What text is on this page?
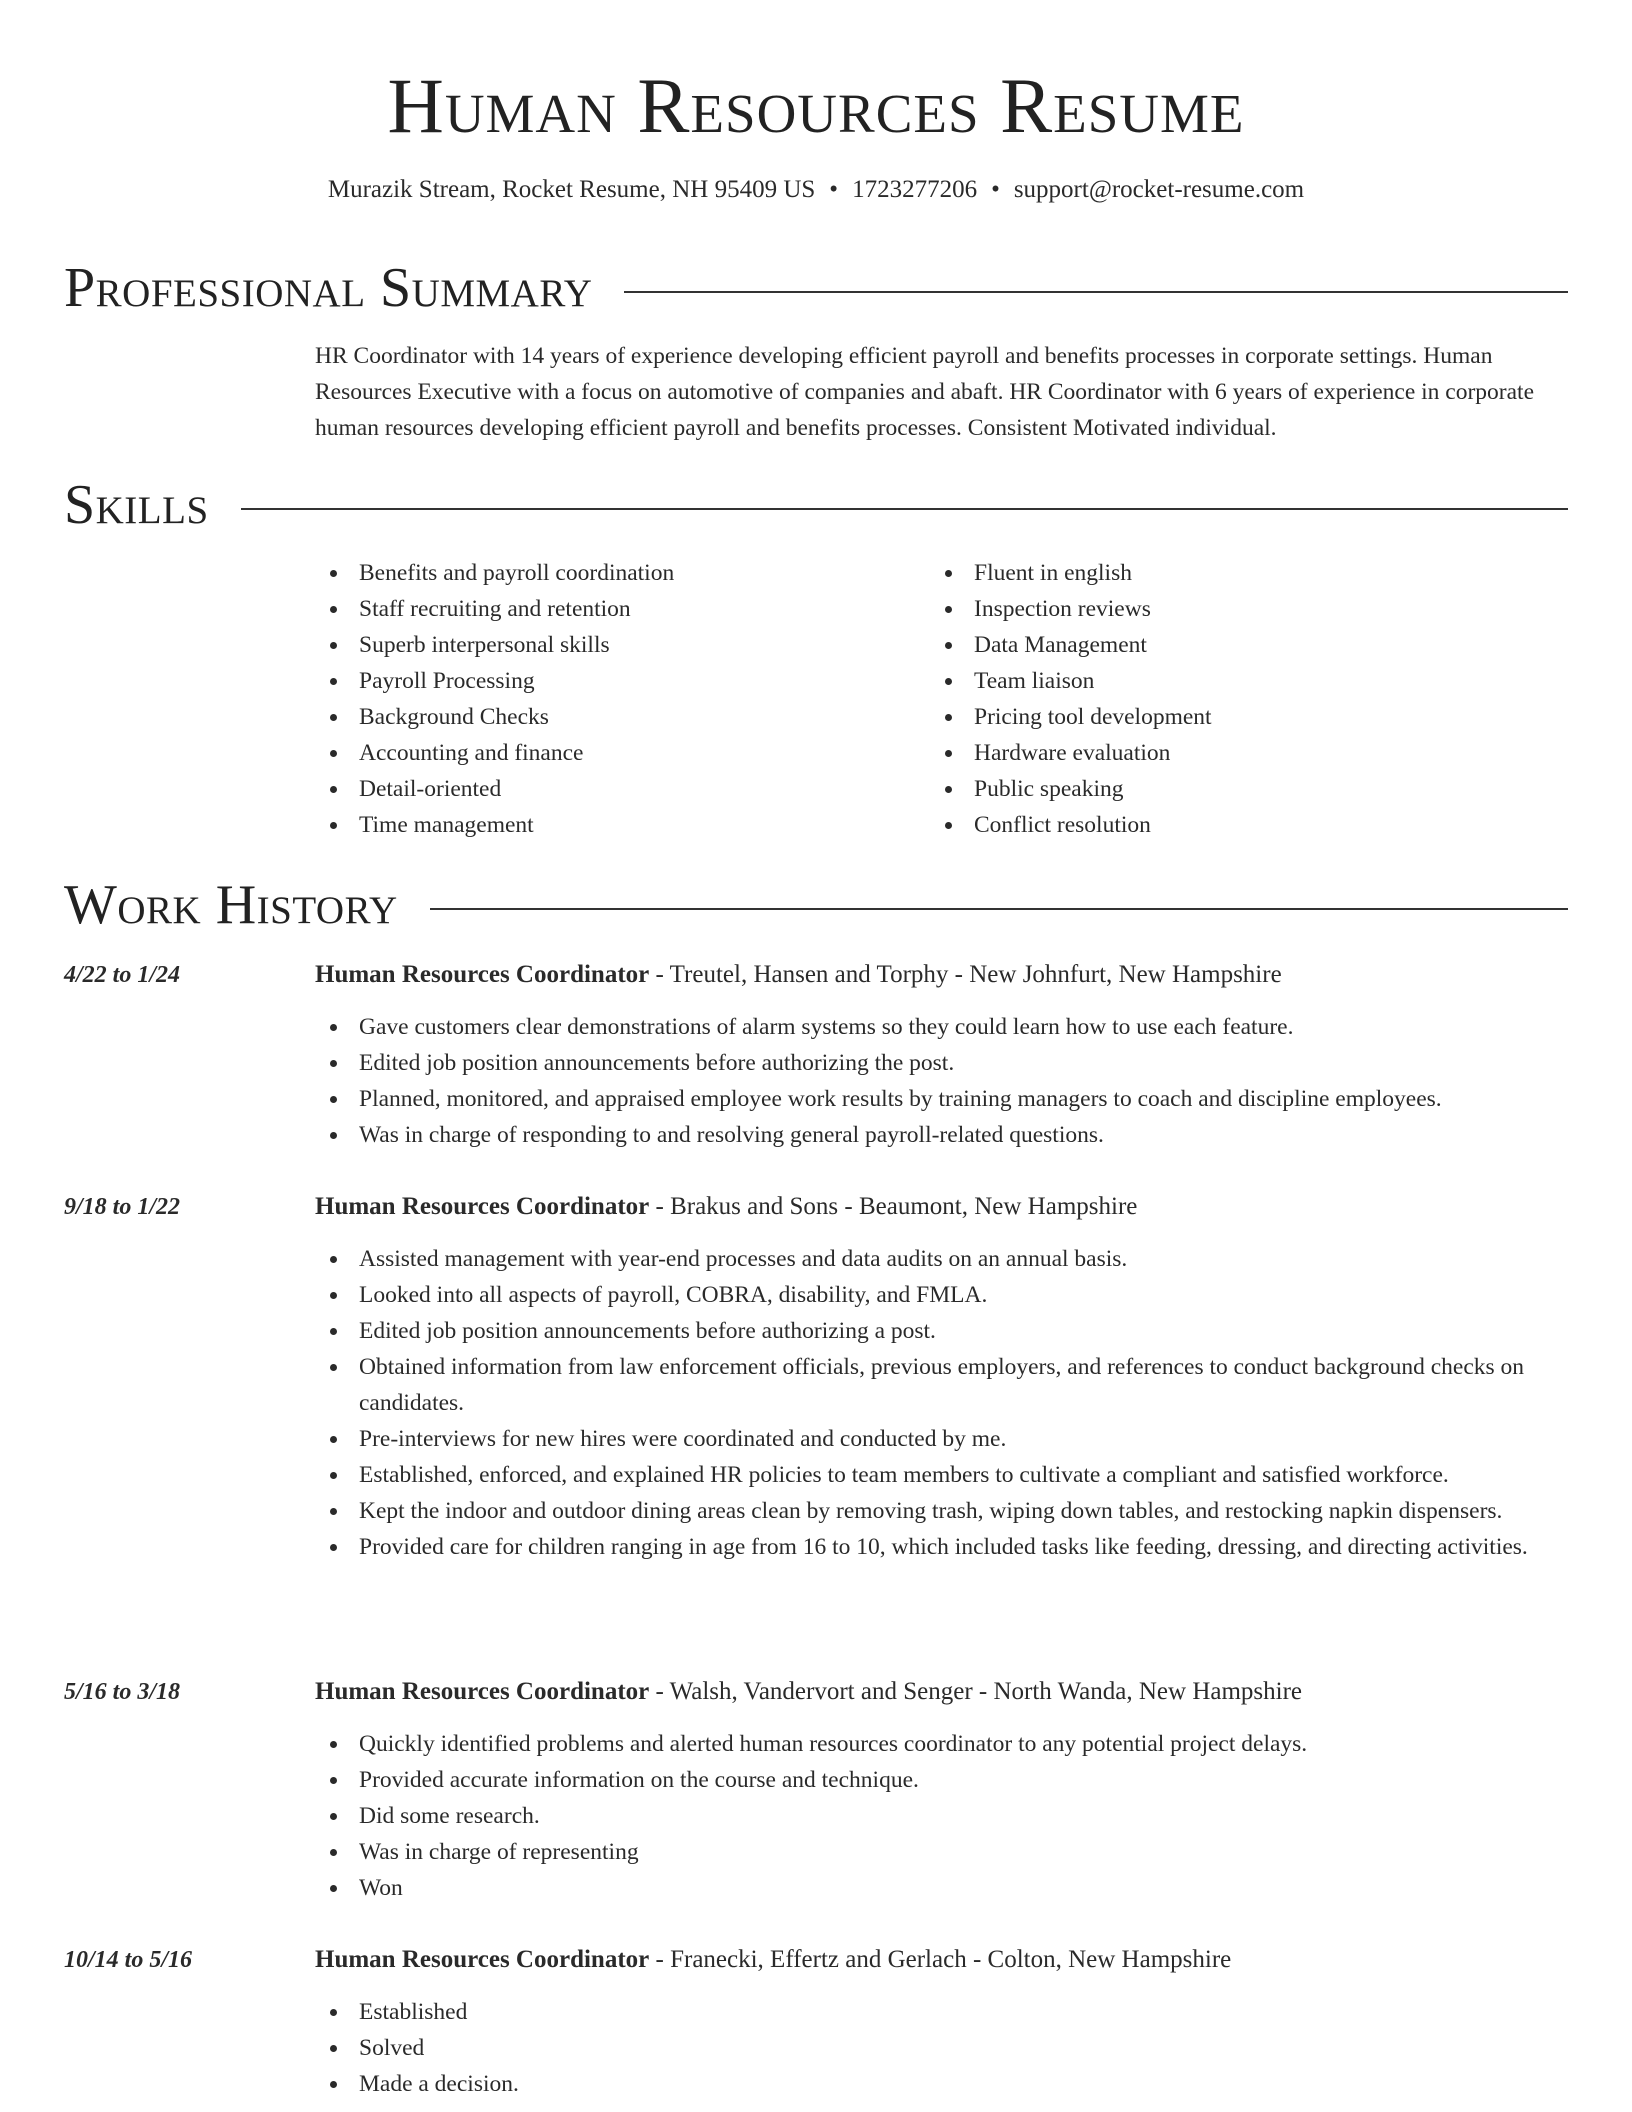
Human Resources Resume
Murazik Stream, Rocket Resume, NH 95409 US • 1723277206 • support@rocket-resume.com
Professional Summary

HR Coordinator with 14 years of experience developing efficient payroll and benefits processes in corporate settings. Human Resources Executive with a focus on automotive of companies and abaft. HR Coordinator with 6 years of experience in corporate human resources developing efficient payroll and benefits processes. Consistent Motivated individual.

Skills
Benefits and payroll coordination
Staff recruiting and retention
Superb interpersonal skills
Payroll Processing
Background Checks
Accounting and finance
Detail-oriented
Time management
Fluent in english
Inspection reviews
Data Management
Team liaison
Pricing tool development
Hardware evaluation
Public speaking
Conflict resolution
Work History
4/22 to 1/24	Human Resources Coordinator - Treutel, Hansen and Torphy - New Johnfurt, New Hampshire
Gave customers clear demonstrations of alarm systems so they could learn how to use each feature.
Edited job position announcements before authorizing the post.
Planned, monitored, and appraised employee work results by training managers to coach and discipline employees.
Was in charge of responding to and resolving general payroll-related questions.
9/18 to 1/22	Human Resources Coordinator - Brakus and Sons - Beaumont, New Hampshire
Assisted management with year-end processes and data audits on an annual basis.
Looked into all aspects of payroll, COBRA, disability, and FMLA.
Edited job position announcements before authorizing a post.
Obtained information from law enforcement officials, previous employers, and references to conduct background checks on candidates.
Pre-interviews for new hires were coordinated and conducted by me.
Established, enforced, and explained HR policies to team members to cultivate a compliant and satisfied workforce.
Kept the indoor and outdoor dining areas clean by removing trash, wiping down tables, and restocking napkin dispensers.
Provided care for children ranging in age from 16 to 10, which included tasks like feeding, dressing, and directing activities.
5/16 to 3/18	Human Resources Coordinator - Walsh, Vandervort and Senger - North Wanda, New Hampshire
Quickly identified problems and alerted human resources coordinator to any potential project delays.
Provided accurate information on the course and technique.
Did some research.
Was in charge of representing
Won
10/14 to 5/16	Human Resources Coordinator - Franecki, Effertz and Gerlach - Colton, New Hampshire
Established
Solved
Made a decision.
